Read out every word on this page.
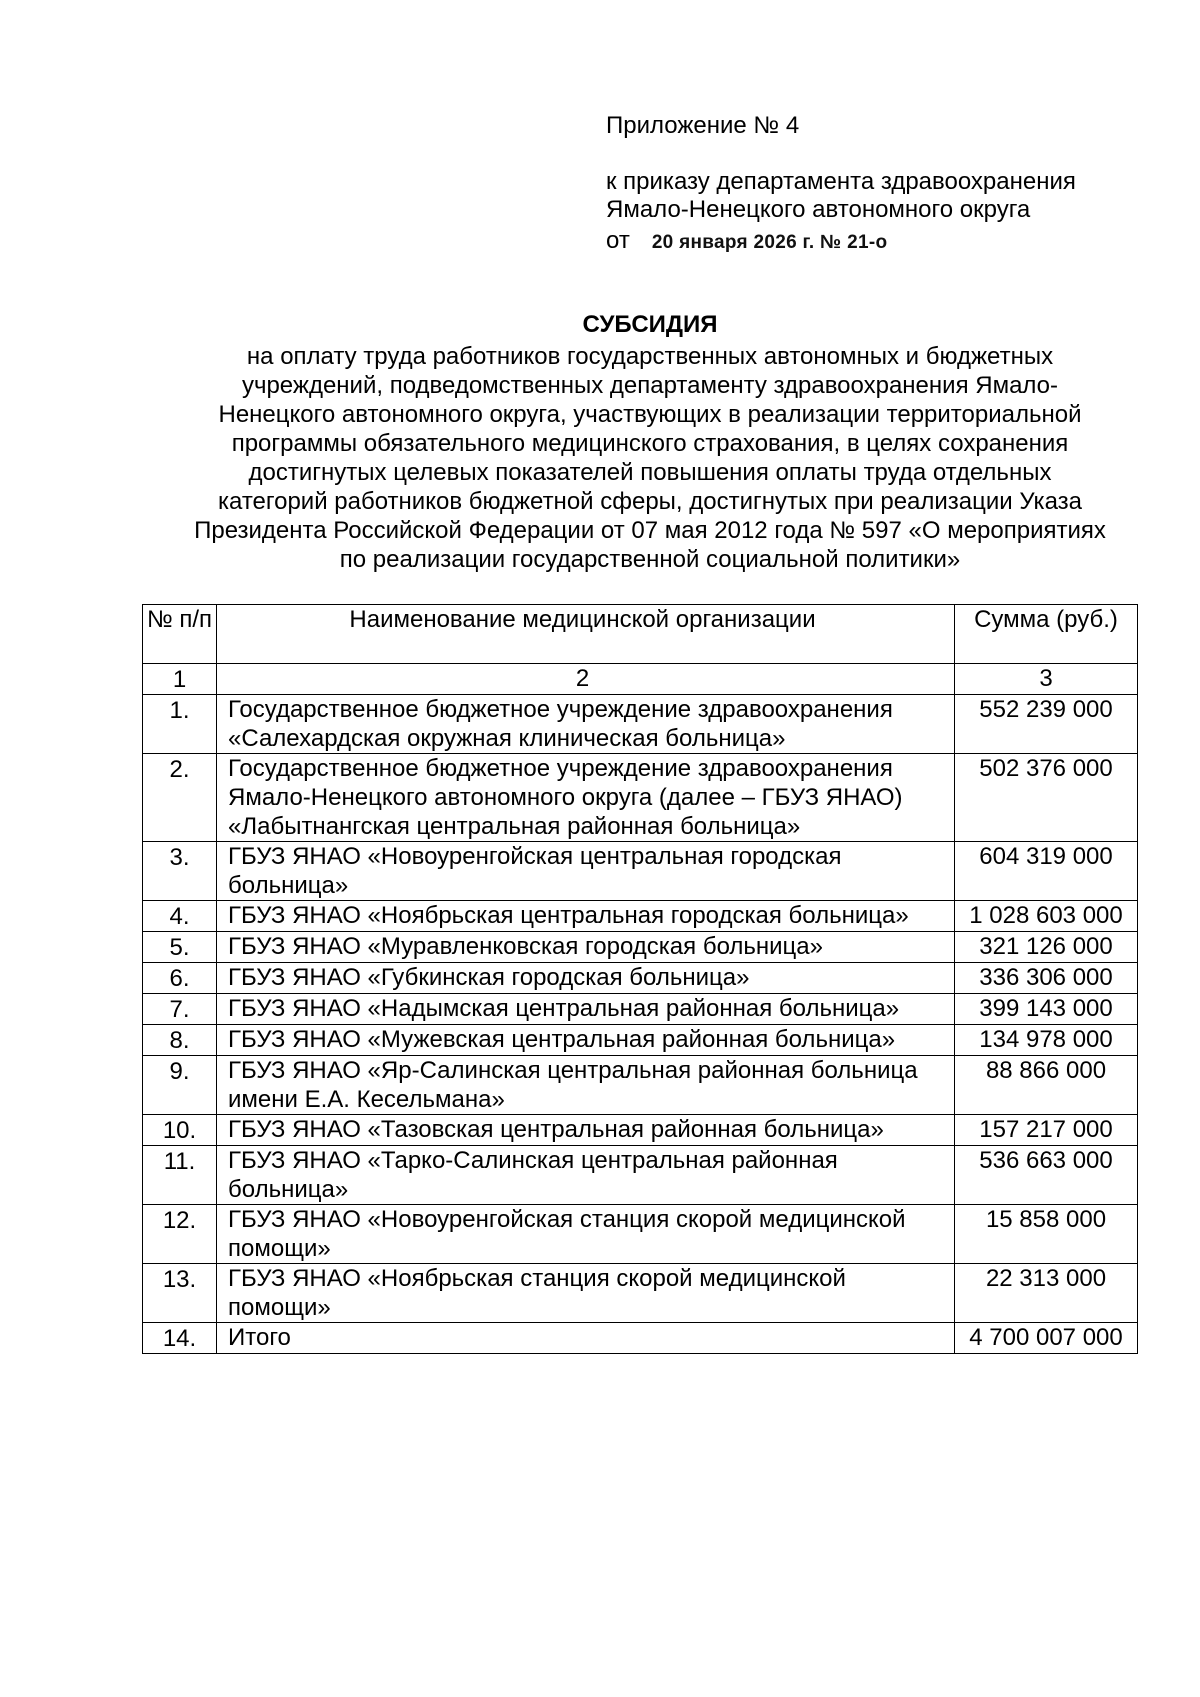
Приложение № 4
к приказу департамента здравоохранения
Ямало-Ненецкого автономного округа
от 20 января 2026 г. № 21-о
СУБСИДИЯ
на оплату труда работников государственных автономных и бюджетных
учреждений, подведомственных департаменту здравоохранения Ямало-
Ненецкого автономного округа, участвующих в реализации территориальной
программы обязательного медицинского страхования, в целях сохранения
достигнутых целевых показателей повышения оплаты труда отдельных
категорий работников бюджетной сферы, достигнутых при реализации Указа
Президента Российской Федерации от 07 мая 2012 года № 597 «О мероприятиях
по реализации государственной социальной политики»
№ п/п	Наименование медицинской организации	Сумма (руб.)
1	2	3
1.	Государственное бюджетное учреждение здравоохранения «Салехардская окружная клиническая больница»	552 239 000
2.	Государственное бюджетное учреждение здравоохранения Ямало-Ненецкого автономного округа (далее – ГБУЗ ЯНАО) «Лабытнангская центральная районная больница»	502 376 000
3.	ГБУЗ ЯНАО «Новоуренгойская центральная городская больница»	604 319 000
4.	ГБУЗ ЯНАО «Ноябрьская центральная городская больница»	1 028 603 000
5.	ГБУЗ ЯНАО «Муравленковская городская больница»	321 126 000
6.	ГБУЗ ЯНАО «Губкинская городская больница»	336 306 000
7.	ГБУЗ ЯНАО «Надымская центральная районная больница»	399 143 000
8.	ГБУЗ ЯНАО «Мужевская центральная районная больница»	134 978 000
9.	ГБУЗ ЯНАО «Яр-Салинская центральная районная больница имени Е.А. Кесельмана»	88 866 000
10.	ГБУЗ ЯНАО «Тазовская центральная районная больница»	157 217 000
11.	ГБУЗ ЯНАО «Тарко-Салинская центральная районная больница»	536 663 000
12.	ГБУЗ ЯНАО «Новоуренгойская станция скорой медицинской помощи»	15 858 000
13.	ГБУЗ ЯНАО «Ноябрьская станция скорой медицинской помощи»	22 313 000
14.	Итого	4 700 007 000
